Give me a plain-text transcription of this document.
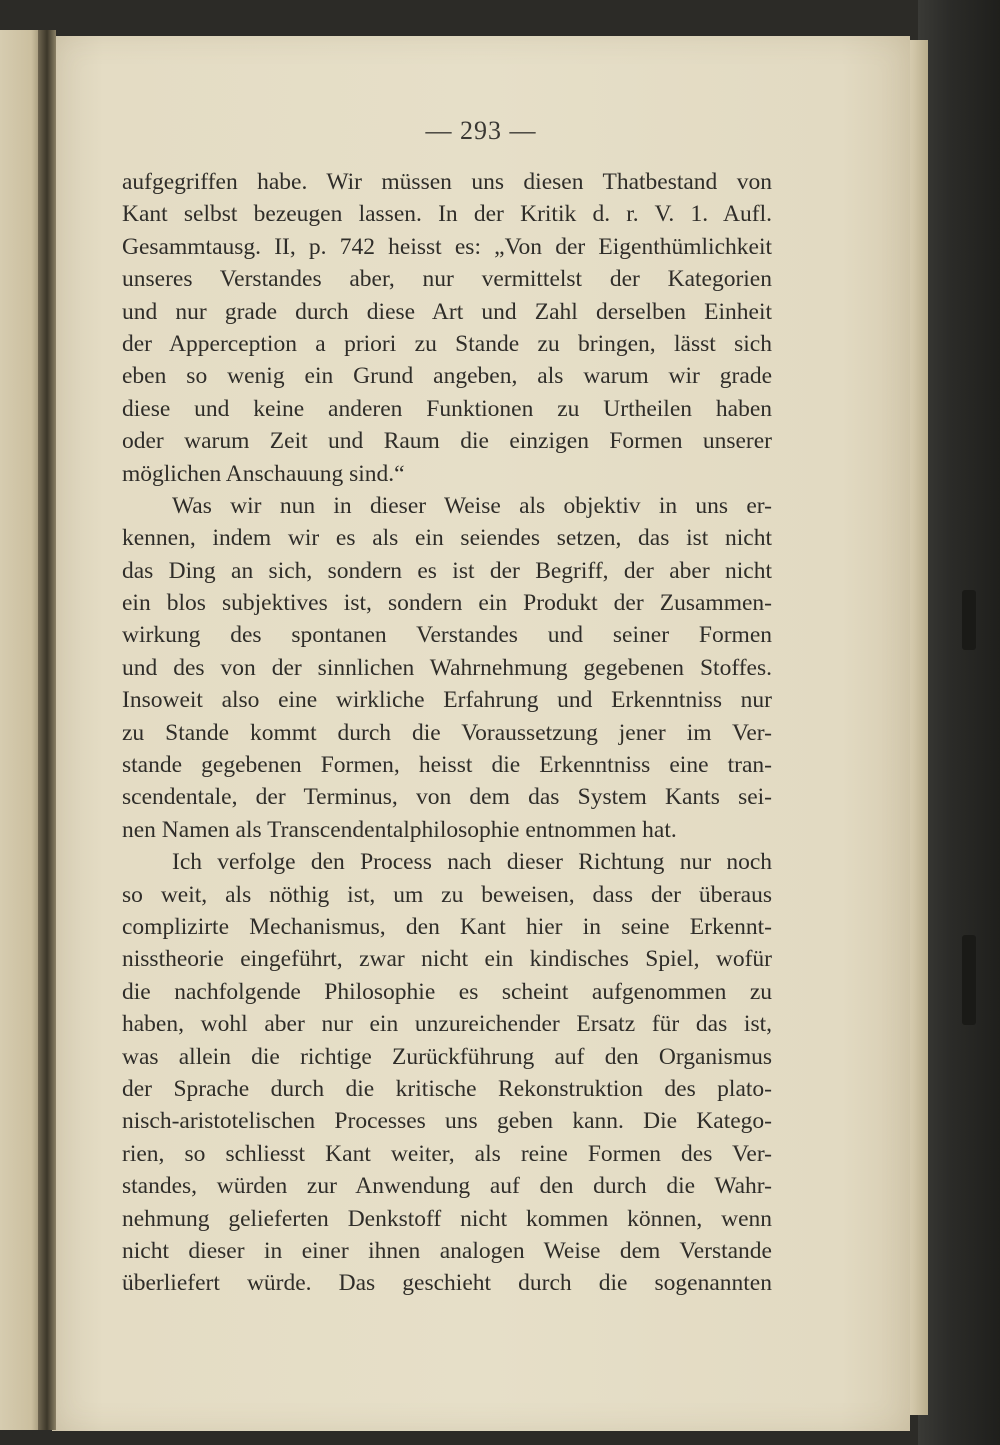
— 293 —
aufgegriffen habe. Wir müssen uns diesen Thatbestand von
Kant selbst bezeugen lassen. In der Kritik d. r. V. 1. Aufl.
Gesammtausg. II, p. 742 heisst es: „Von der Eigenthümlichkeit
unseres Verstandes aber, nur vermittelst der Kategorien
und nur grade durch diese Art und Zahl derselben Einheit
der Apperception a priori zu Stande zu bringen, lässt sich
eben so wenig ein Grund angeben, als warum wir grade
diese und keine anderen Funktionen zu Urtheilen haben
oder warum Zeit und Raum die einzigen Formen unserer
möglichen Anschauung sind.“
Was wir nun in dieser Weise als objektiv in uns er-
kennen, indem wir es als ein seiendes setzen, das ist nicht
das Ding an sich, sondern es ist der Begriff, der aber nicht
ein blos subjektives ist, sondern ein Produkt der Zusammen-
wirkung des spontanen Verstandes und seiner Formen
und des von der sinnlichen Wahrnehmung gegebenen Stoffes.
Insoweit also eine wirkliche Erfahrung und Erkenntniss nur
zu Stande kommt durch die Voraussetzung jener im Ver-
stande gegebenen Formen, heisst die Erkenntniss eine tran-
scendentale, der Terminus, von dem das System Kants sei-
nen Namen als Transcendentalphilosophie entnommen hat.
Ich verfolge den Process nach dieser Richtung nur noch
so weit, als nöthig ist, um zu beweisen, dass der überaus
complizirte Mechanismus, den Kant hier in seine Erkennt-
nisstheorie eingeführt, zwar nicht ein kindisches Spiel, wofür
die nachfolgende Philosophie es scheint aufgenommen zu
haben, wohl aber nur ein unzureichender Ersatz für das ist,
was allein die richtige Zurückführung auf den Organismus
der Sprache durch die kritische Rekonstruktion des plato-
nisch-aristotelischen Processes uns geben kann. Die Katego-
rien, so schliesst Kant weiter, als reine Formen des Ver-
standes, würden zur Anwendung auf den durch die Wahr-
nehmung gelieferten Denkstoff nicht kommen können, wenn
nicht dieser in einer ihnen analogen Weise dem Verstande
überliefert würde. Das geschieht durch die sogenannten
